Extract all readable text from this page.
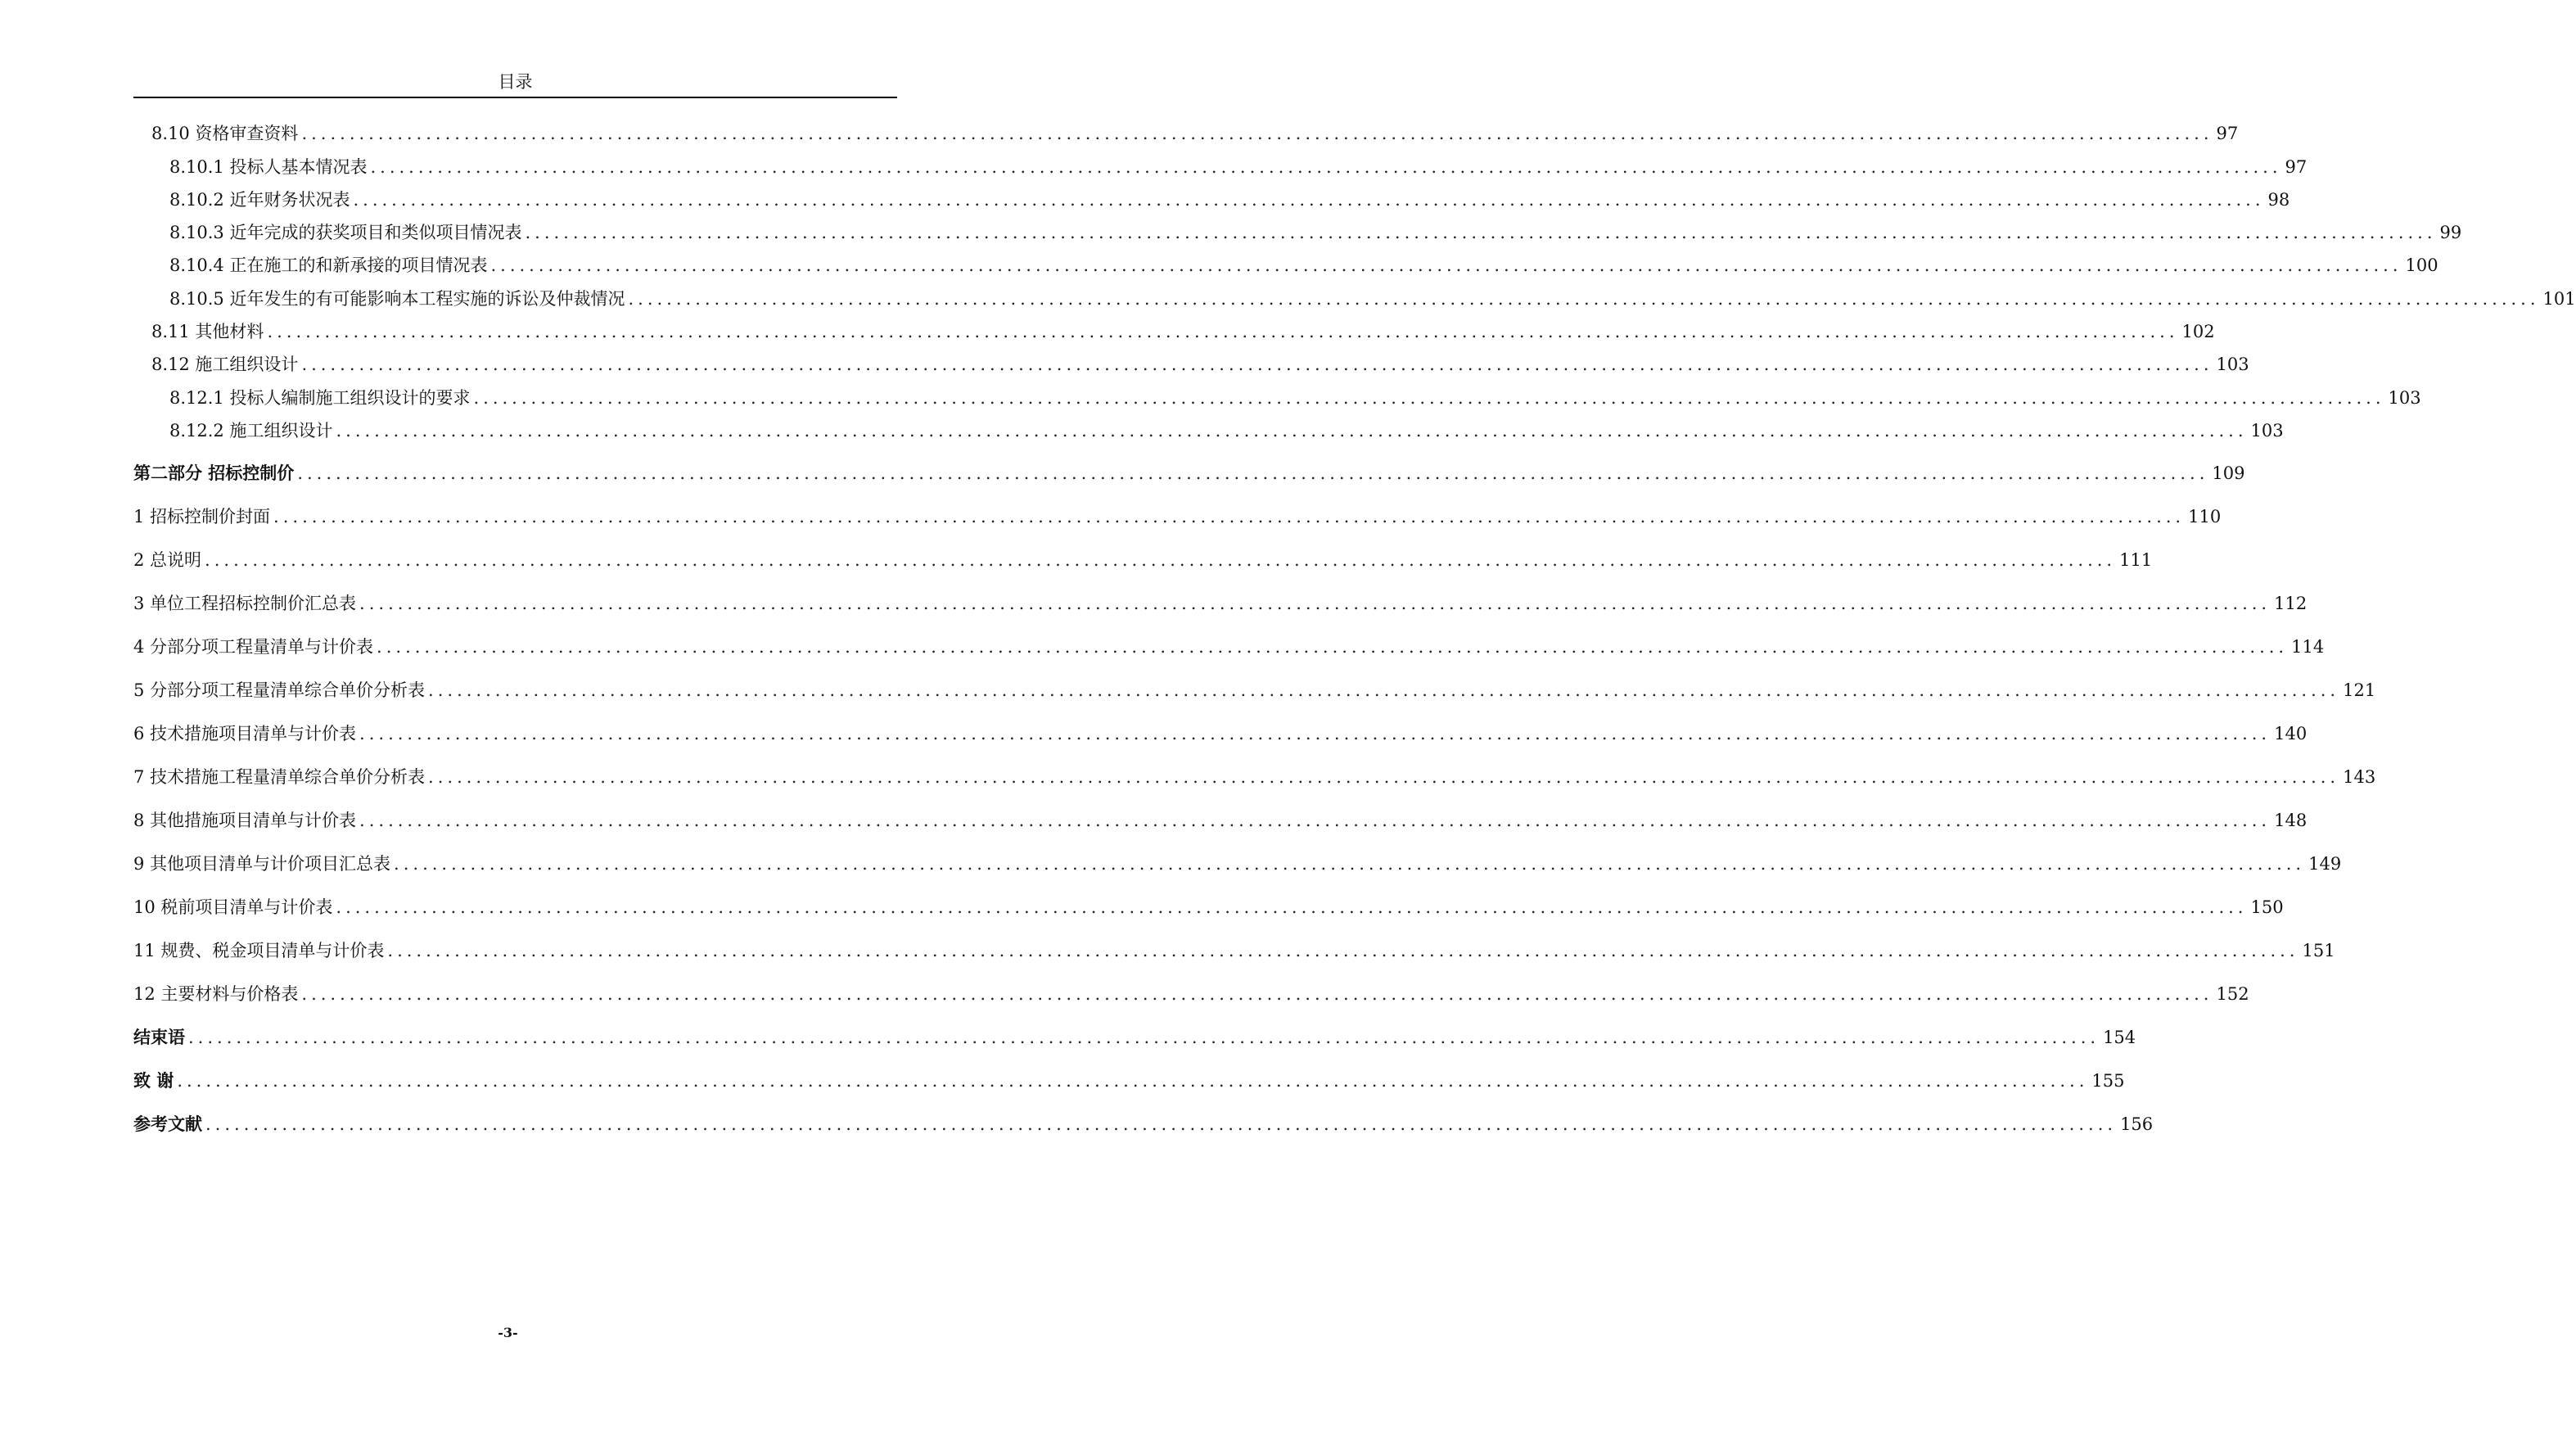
目录
8.10 资格审查资料 ........................................................................................................................................................................................................ 97
8.10.1 投标人基本情况表 ........................................................................................................................................................................................................ 97
8.10.2 近年财务状况表 ........................................................................................................................................................................................................ 98
8.10.3 近年完成的获奖项目和类似项目情况表 ........................................................................................................................................................................................................ 99
8.10.4 正在施工的和新承接的项目情况表 ........................................................................................................................................................................................................ 100
8.10.5 近年发生的有可能影响本工程实施的诉讼及仲裁情况 ........................................................................................................................................................................................................ 101
8.11 其他材料 ........................................................................................................................................................................................................ 102
8.12 施工组织设计 ........................................................................................................................................................................................................ 103
8.12.1 投标人编制施工组织设计的要求 ........................................................................................................................................................................................................ 103
8.12.2 施工组织设计 ........................................................................................................................................................................................................ 103
第二部分 招标控制价 ........................................................................................................................................................................................................ 109
1 招标控制价封面 ........................................................................................................................................................................................................ 110
2 总说明 ........................................................................................................................................................................................................ 111
3 单位工程招标控制价汇总表 ........................................................................................................................................................................................................ 112
4 分部分项工程量清单与计价表 ........................................................................................................................................................................................................ 114
5 分部分项工程量清单综合单价分析表 ........................................................................................................................................................................................................ 121
6 技术措施项目清单与计价表 ........................................................................................................................................................................................................ 140
7 技术措施工程量清单综合单价分析表 ........................................................................................................................................................................................................ 143
8 其他措施项目清单与计价表 ........................................................................................................................................................................................................ 148
9 其他项目清单与计价项目汇总表 ........................................................................................................................................................................................................ 149
10 税前项目清单与计价表 ........................................................................................................................................................................................................ 150
11 规费、税金项目清单与计价表 ........................................................................................................................................................................................................ 151
12 主要材料与价格表 ........................................................................................................................................................................................................ 152
结束语 ........................................................................................................................................................................................................ 154
致 谢 ........................................................................................................................................................................................................ 155
参考文献 ........................................................................................................................................................................................................ 156
-3-
